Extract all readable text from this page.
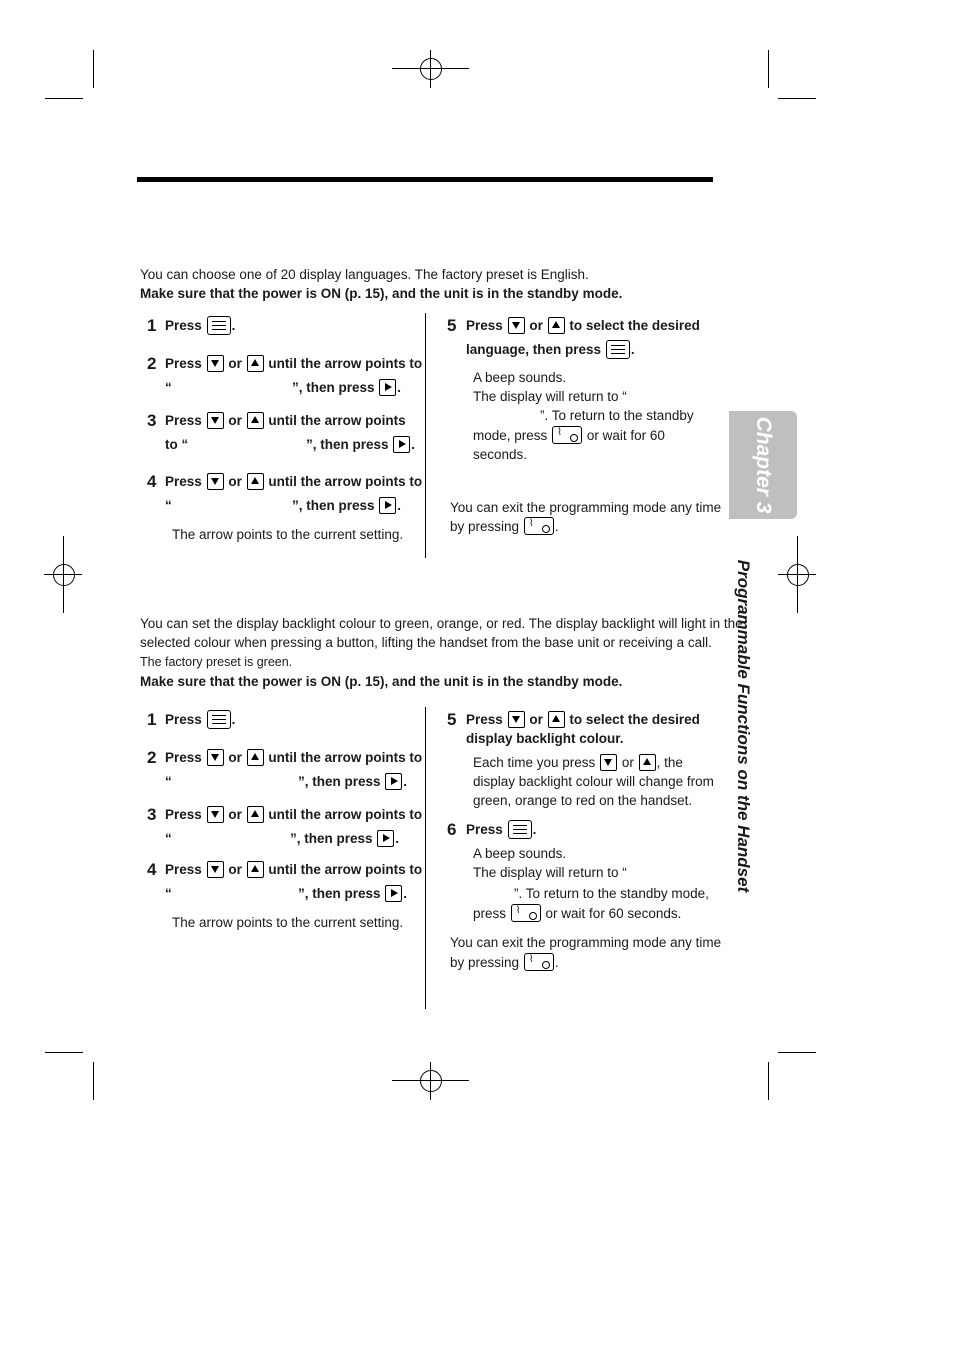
You can choose one of 20 display languages. The factory preset is English.
Make sure that the power is ON (p. 15), and the unit is in the standby mode.
1 Press .
2 Press or until the arrow points to
“	”, then press .
3 Press or until the arrow points
to “	”, then press .
4 Press or until the arrow points to
“	”, then press .
The arrow points to the current setting.
5 Press or to select the desired
language, then press .
A beep sounds.
The display will return to “
”. To return to the standby
mode, press ⌇ or wait for 60
seconds.
You can exit the programming mode any time
by pressing ⌇ .
You can set the display backlight colour to green, orange, or red. The display backlight will light in the
selected colour when pressing a button, lifting the handset from the base unit or receiving a call.
The factory preset is green.
Make sure that the power is ON (p. 15), and the unit is in the standby mode.
1 Press .
2 Press or until the arrow points to
“	”, then press .
3 Press or until the arrow points to
“	”, then press .
4 Press or until the arrow points to
“	”, then press .
The arrow points to the current setting.
5 Press or to select the desired
display backlight colour.
Each time you press or , the
display backlight colour will change from
green, orange to red on the handset.
6 Press .
A beep sounds.
The display will return to “
”. To return to the standby mode,
press ⌇ or wait for 60 seconds.
You can exit the programming mode any time
by pressing ⌇ .
Chapter 3
Programmable Functions on the Handset
